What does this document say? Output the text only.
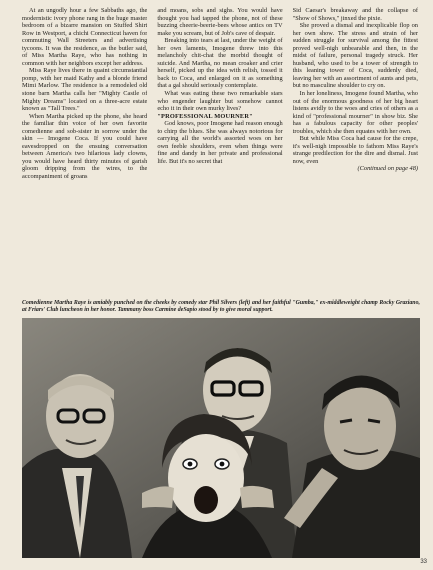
At an ungodly hour a few Sabbaths ago, the modernistic ivory phone rang in the huge master bedroom of a bizarre mansion on Stuffed Shirt Row in Westport, a chichi Connecticut haven for commuting Wall Streeters and advertising tycoons. It was the residence, as the butler said, of Miss Martha Raye, who has nothing in common with her neighbors except her address.

Miss Raye lives there in quaint circumstantial pomp, with her maid Kathy and a blonde friend Mimi Marlow. The residence is a remodeled old stone barn Martha calls her "Mighty Castle of Mighty Dreams" located on a three-acre estate known as "Tall Trees."

When Martha picked up the phone, she heard the familiar thin voice of her own favorite comedienne and sob-sister in sorrow under the skin — Imogene Coca. If you could have eavesdropped on the ensuing conversation between America's two hilarious lady clowns, you would have heard thirty minutes of garish gloom dripping from the wires, to the accompaniment of groans

and moans, sobs and sighs. You would have thought you had tapped the phone, not of these buzzing cheerie-beerie-bees whose antics on TV make you scream, but of Job's cave of despair.

Breaking into tears at last, under the weight of her own laments, Imogene threw into this melancholy chit-chat the morbid thought of suicide. And Martha, no mean croaker and crier herself, picked up the idea with relish, tossed it back to Coca, and enlarged on it as something that a gal should seriously contemplate.

What was eating these two remarkable stars who engender laughter but somehow cannot echo it in their own murky lives?

"PROFESSIONAL MOURNER"

God knows, poor Imogene had reason enough to chirp the blues. She was always notorious for carrying all the world's assorted woes on her own feeble shoulders, even when things were fine and dandy in her private and professional life. But it's no secret that

Sid Caesar's breakaway and the collapse of "Show of Shows," jinxed the pixie.

She proved a dismal and inexplicable flop on her own show. The stress and strain of her sudden struggle for survival among the fittest proved well-nigh unbearable and then, in the midst of failure, personal tragedy struck. Her husband, who used to be a tower of strength to this leaning tower of Coca, suddenly died, leaving her with an assortment of aunts and pets, but no masculine shoulder to cry on.

In her loneliness, Imogene found Martha, who out of the enormous goodness of her big heart listens avidly to the woes and cries of others as a kind of "professional mourner" in show biz. She has a fabulous capacity for other peoples' troubles, which she then equates with her own.

But while Miss Coca had cause for the crepe, it's well-nigh impossible to fathom Miss Raye's strange predilection for the dire and dismal. Just now, even

(Continued on page 48)
Comedienne Martha Raye is amiably punched on the cheeks by comedy star Phil Silvers (left) and her faithful "Gumba," ex-middleweight champ Rocky Graziano, at Friars' Club luncheon in her honor. Tammany boss Carmine deSapio stood by to give moral support.
33
